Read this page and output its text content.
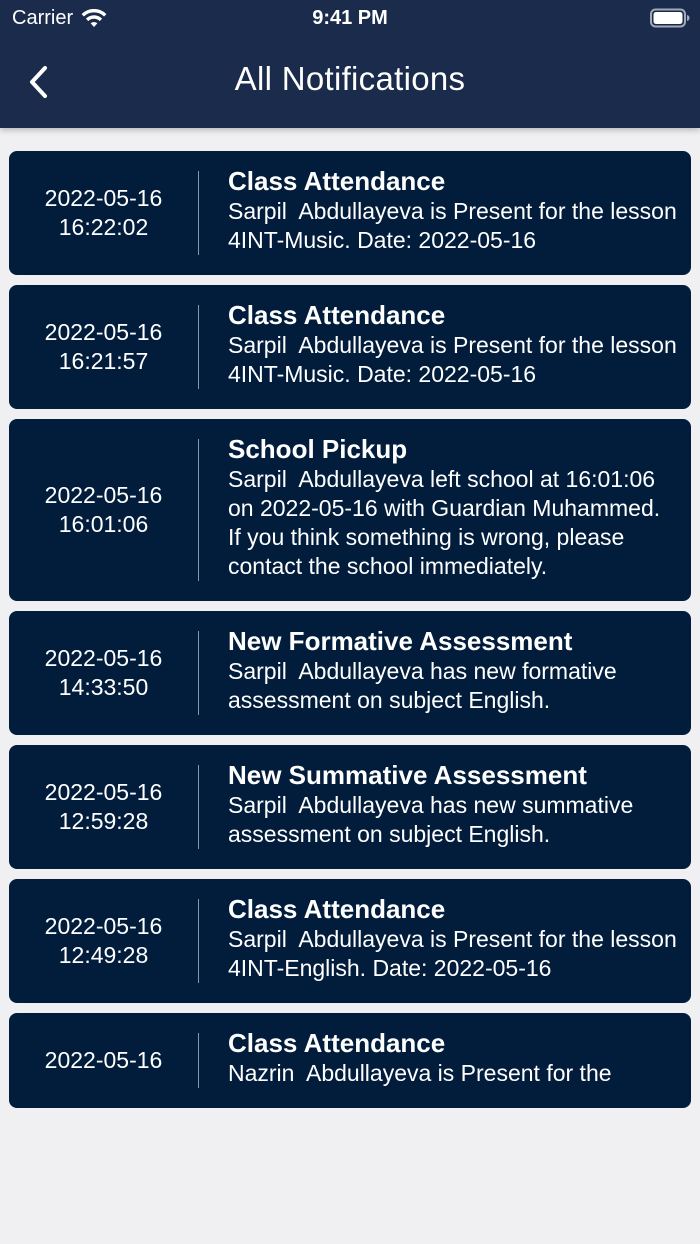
Carrier	9:41 PM
All Notifications
2022-05-16
16:22:02
Class Attendance
Sarpil  Abdullayeva is Present for the lesson 4INT-Music. Date: 2022-05-16
2022-05-16
16:21:57
Class Attendance
Sarpil  Abdullayeva is Present for the lesson 4INT-Music. Date: 2022-05-16
2022-05-16
16:01:06
School Pickup
Sarpil  Abdullayeva left school at 16:01:06 on 2022-05-16 with Guardian Muhammed. If you think something is wrong, please contact the school immediately.
2022-05-16
14:33:50
New Formative Assessment
Sarpil  Abdullayeva has new formative assessment on subject English.
2022-05-16
12:59:28
New Summative Assessment
Sarpil  Abdullayeva has new summative assessment on subject English.
2022-05-16
12:49:28
Class Attendance
Sarpil  Abdullayeva is Present for the lesson 4INT-English. Date: 2022-05-16
2022-05-16
Class Attendance
Nazrin  Abdullayeva is Present for the
